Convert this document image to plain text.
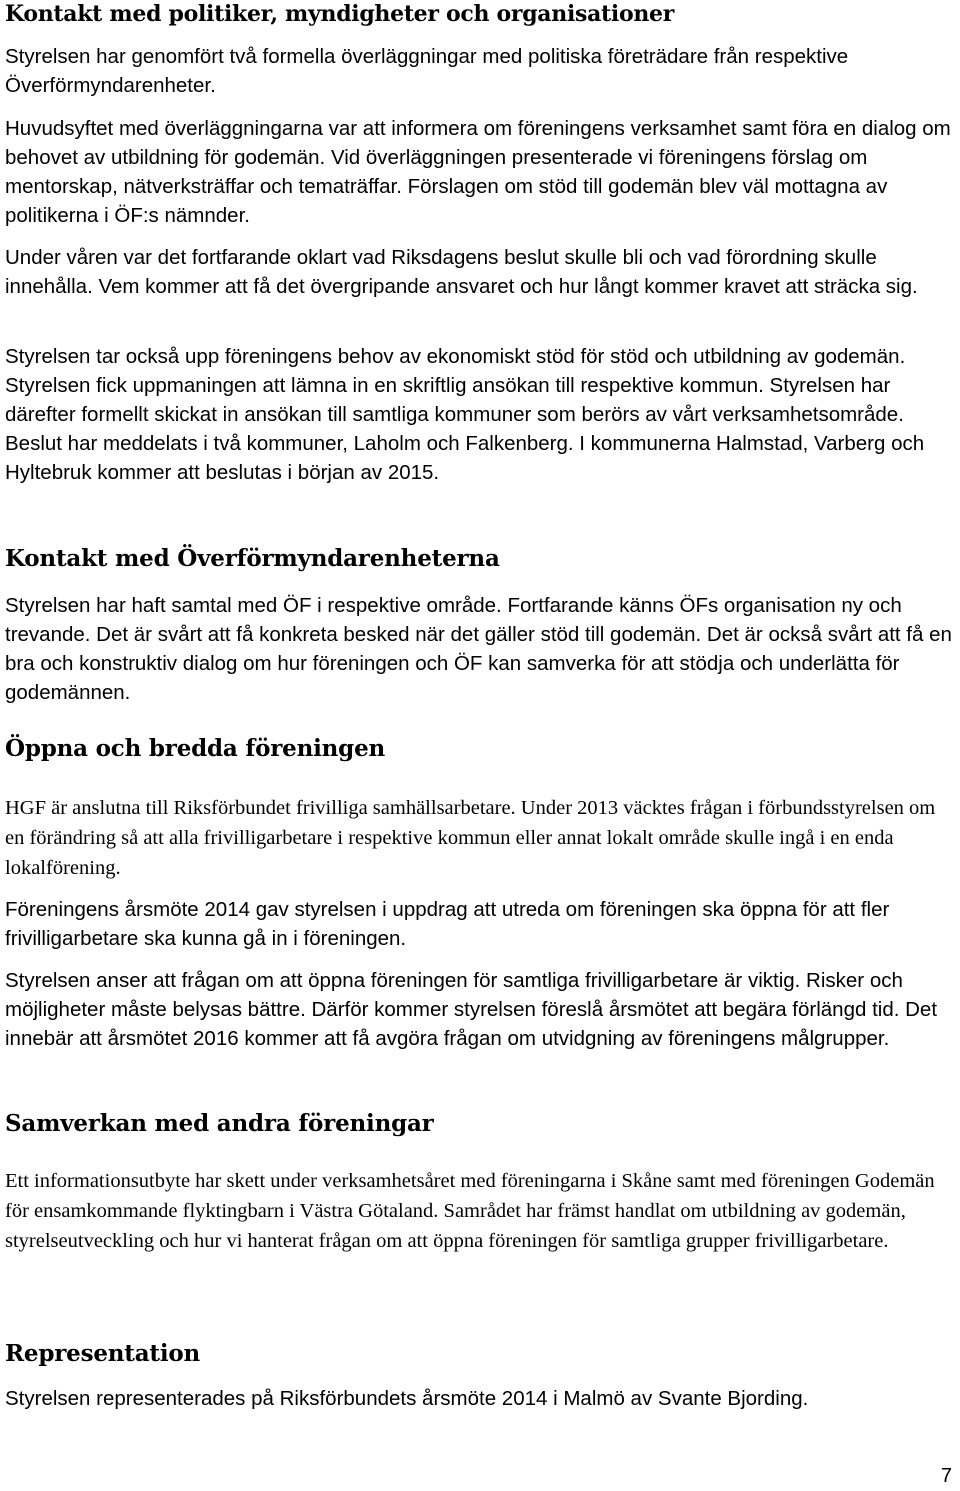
Kontakt med politiker, myndigheter och organisationer

Styrelsen har genomfört två formella överläggningar med politiska företrädare från respektive Överförmyndarenheter.

Huvudsyftet med överläggningarna var att informera om föreningens verksamhet samt föra en dialog om behovet av utbildning för godemän. Vid överläggningen presenterade vi föreningens förslag om mentorskap, nätverksträffar och tematräffar. Förslagen om stöd till godemän blev väl mottagna av politikerna i ÖF:s nämnder.

Under våren var det fortfarande oklart vad Riksdagens beslut skulle bli och vad förordning skulle innehålla. Vem kommer att få det övergripande ansvaret och hur långt kommer kravet att sträcka sig.

Styrelsen tar också upp föreningens behov av ekonomiskt stöd för stöd och utbildning av godemän. Styrelsen fick uppmaningen att lämna in en skriftlig ansökan till respektive kommun. Styrelsen har därefter formellt skickat in ansökan till samtliga kommuner som berörs av vårt verksamhetsområde. Beslut har meddelats i två kommuner, Laholm och Falkenberg. I kommunerna Halmstad, Varberg och Hyltebruk kommer att beslutas i början av 2015.

Kontakt med Överförmyndarenheterna

Styrelsen har haft samtal med ÖF i respektive område. Fortfarande känns ÖFs organisation ny och trevande. Det är svårt att få konkreta besked när det gäller stöd till godemän. Det är också svårt att få en bra och konstruktiv dialog om hur föreningen och ÖF kan samverka för att stödja och underlätta för godemännen.

Öppna och bredda föreningen

HGF är anslutna till Riksförbundet frivilliga samhällsarbetare. Under 2013 väcktes frågan i förbundsstyrelsen om en förändring så att alla frivilligarbetare i respektive kommun eller annat lokalt område skulle ingå i en enda lokalförening.

Föreningens årsmöte 2014 gav styrelsen i uppdrag att utreda om föreningen ska öppna för att fler frivilligarbetare ska kunna gå in i föreningen.

Styrelsen anser att frågan om att öppna föreningen för samtliga frivilligarbetare är viktig. Risker och möjligheter måste belysas bättre. Därför kommer styrelsen föreslå årsmötet att begära förlängd tid. Det innebär att årsmötet 2016 kommer att få avgöra frågan om utvidgning av föreningens målgrupper.

Samverkan med andra föreningar

Ett informationsutbyte har skett under verksamhetsåret med föreningarna i Skåne samt med föreningen Godemän för ensamkommande flyktingbarn i Västra Götaland. Samrådet har främst handlat om utbildning av godemän, styrelseutveckling och hur vi hanterat frågan om att öppna föreningen för samtliga grupper frivilligarbetare.

Representation

Styrelsen representerades på Riksförbundets årsmöte 2014 i Malmö av Svante Bjording.

7
